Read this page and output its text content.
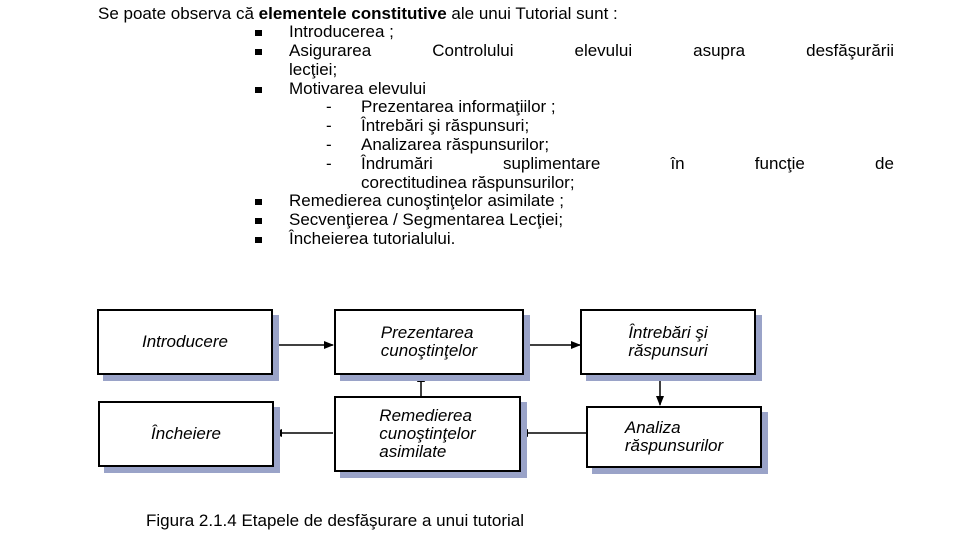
Se poate observa că elementele constitutive ale unui Tutorial sunt :
Introducerea ;
Asigurarea	Controlului	elevului	asupra	desfăşurării
lecţiei;
Motivarea elevului
- Prezentarea informaţiilor ;
- Întrebări şi răspunsuri;
- Analizarea răspunsurilor;
- Îndrumări	suplimentare	în	funcţie	de
corectitudinea răspunsurilor;
Remedierea cunoştinţelor asimilate ;
Secvenţierea / Segmentarea Lecţiei;
Încheierea tutorialului.
Introducere	Prezentarea
cunoştinţelor
Întrebări şi
răspunsuri
Analiza
răspunsurilor
Remedierea
cunoştinţelor
asimilate
Încheiere
Figura 2.1.4 Etapele de desfăşurare a unui tutorial
